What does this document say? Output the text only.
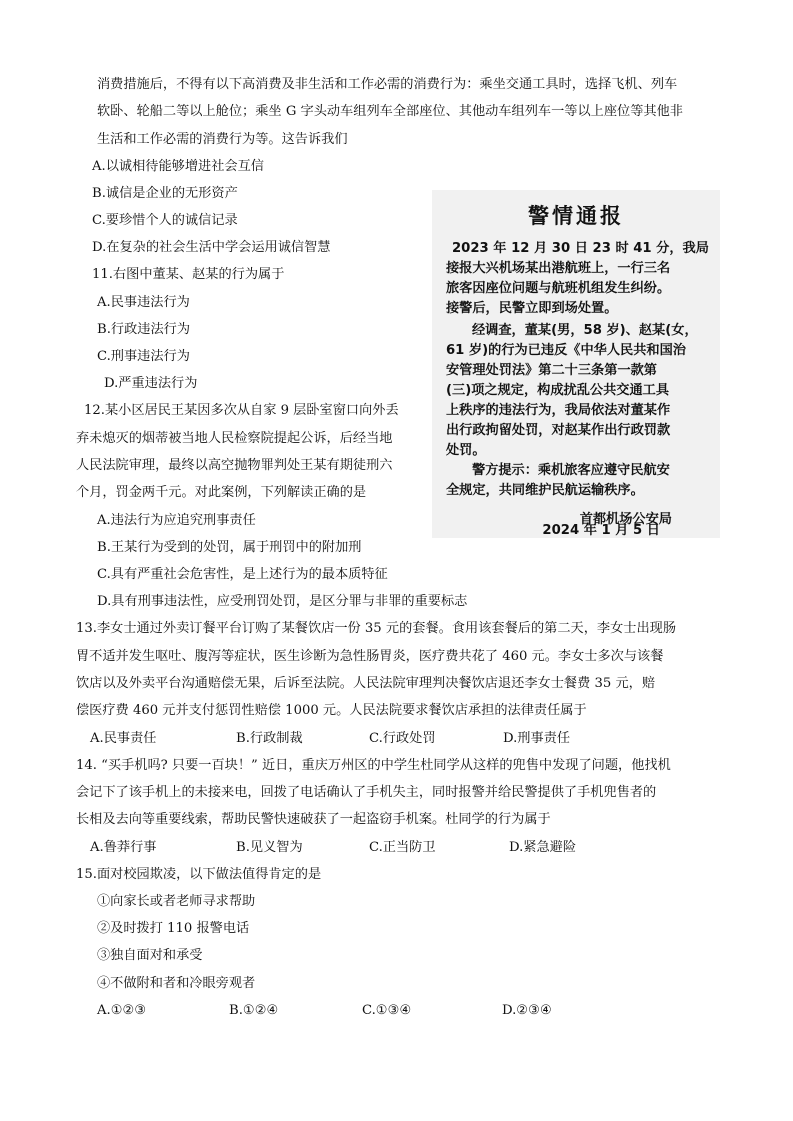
消费措施后，不得有以下高消费及非生活和工作必需的消费行为：乘坐交通工具时，选择飞机、列车
软卧、轮船二等以上舱位；乘坐 G 字头动车组列车全部座位、其他动车组列车一等以上座位等其他非
生活和工作必需的消费行为等。这告诉我们
A.以诚相待能够增进社会互信
B.诚信是企业的无形资产
C.要珍惜个人的诚信记录
D.在复杂的社会生活中学会运用诚信智慧
11.右图中董某、赵某的行为属于
A.民事违法行为
B.行政违法行为
C.刑事违法行为
D.严重违法行为
12.某小区居民王某因多次从自家 9 层卧室窗口向外丢
弃未熄灭的烟蒂被当地人民检察院提起公诉，后经当地
人民法院审理，最终以高空抛物罪判处王某有期徒刑六
个月，罚金两千元。对此案例，下列解读正确的是
A.违法行为应追究刑事责任
B.王某行为受到的处罚，属于刑罚中的附加刑
C.具有严重社会危害性，是上述行为的最本质特征
D.具有刑事违法性，应受刑罚处罚，是区分罪与非罪的重要标志
13.李女士通过外卖订餐平台订购了某餐饮店一份 35 元的套餐。食用该套餐后的第二天，李女士出现肠
胃不适并发生呕吐、腹泻等症状，医生诊断为急性肠胃炎，医疗费共花了 460 元。李女士多次与该餐
饮店以及外卖平台沟通赔偿无果，后诉至法院。人民法院审理判决餐饮店退还李女士餐费 35 元，赔
偿医疗费 460 元并支付惩罚性赔偿 1000 元。人民法院要求餐饮店承担的法律责任属于
A.民事责任	B.行政制裁	C.行政处罚	D.刑事责任
14. “买手机吗? 只要一百块！” 近日，重庆万州区的中学生杜同学从这样的兜售中发现了问题，他找机
会记下了该手机上的未接来电，回拨了电话确认了手机失主，同时报警并给民警提供了手机兜售者的
长相及去向等重要线索，帮助民警快速破获了一起盗窃手机案。杜同学的行为属于
A.鲁莽行事	B.见义智为	C.正当防卫	D.紧急避险
15.面对校园欺凌，以下做法值得肯定的是
①向家长或者老师寻求帮助
②及时拨打 110 报警电话
③独自面对和承受
④不做附和者和冷眼旁观者
A.①②③	B.①②④	C.①③④	D.②③④
警情通报
2023 年 12 月 30 日 23 时 41 分，我局
接报大兴机场某出港航班上，一行三名
旅客因座位问题与航班机组发生纠纷。
接警后，民警立即到场处置。
经调查，董某(男，58 岁)、赵某(女，
61 岁)的行为已违反《中华人民共和国治
安管理处罚法》第二十三条第一款第
(三)项之规定，构成扰乱公共交通工具
上秩序的违法行为，我局依法对董某作
出行政拘留处罚，对赵某作出行政罚款
处罚。
警方提示：乘机旅客应遵守民航安
全规定，共同维护民航运输秩序。
首都机场公安局
2024 年 1 月 5 日
